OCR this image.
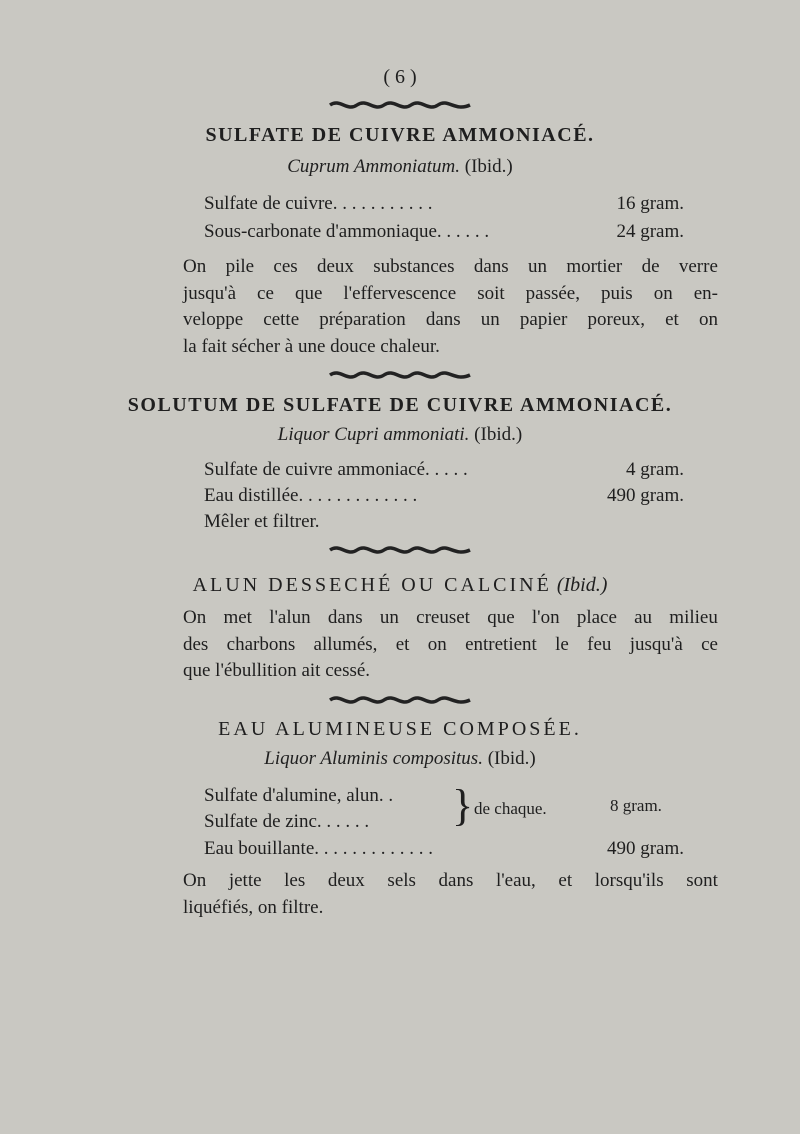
( 6 )
SULFATE DE CUIVRE AMMONIACÉ.
Cuprum Ammoniatum. (Ibid.)
Sulfate de cuivre. . . . . . . . . . .	16 gram.
Sous-carbonate d'ammoniaque. . . . . .	24 gram.
On pile ces deux substances dans un mortier de verre
jusqu'à ce que l'effervescence soit passée, puis on en-
veloppe cette préparation dans un papier poreux, et on
la fait sécher à une douce chaleur.
SOLUTUM DE SULFATE DE CUIVRE AMMONIACÉ.
Liquor Cupri ammoniati. (Ibid.)
Sulfate de cuivre ammoniacé. . . . .	4 gram.
Eau distillée. . . . . . . . . . . . .	490 gram.
Mêler et filtrer.
ALUN DESSECHÉ OU CALCINÉ (Ibid.)
On met l'alun dans un creuset que l'on place au milieu
des charbons allumés, et on entretient le feu jusqu'à ce
que l'ébullition ait cessé.
EAU ALUMINEUSE COMPOSÉE.
Liquor Aluminis compositus. (Ibid.)
Sulfate d'alumine, alun. .
Sulfate de zinc. . . . . . } de chaque.	8 gram.
Eau bouillante. . . . . . . . . . . . .	490 gram.
On jette les deux sels dans l'eau, et lorsqu'ils sont
liquéfiés, on filtre.
